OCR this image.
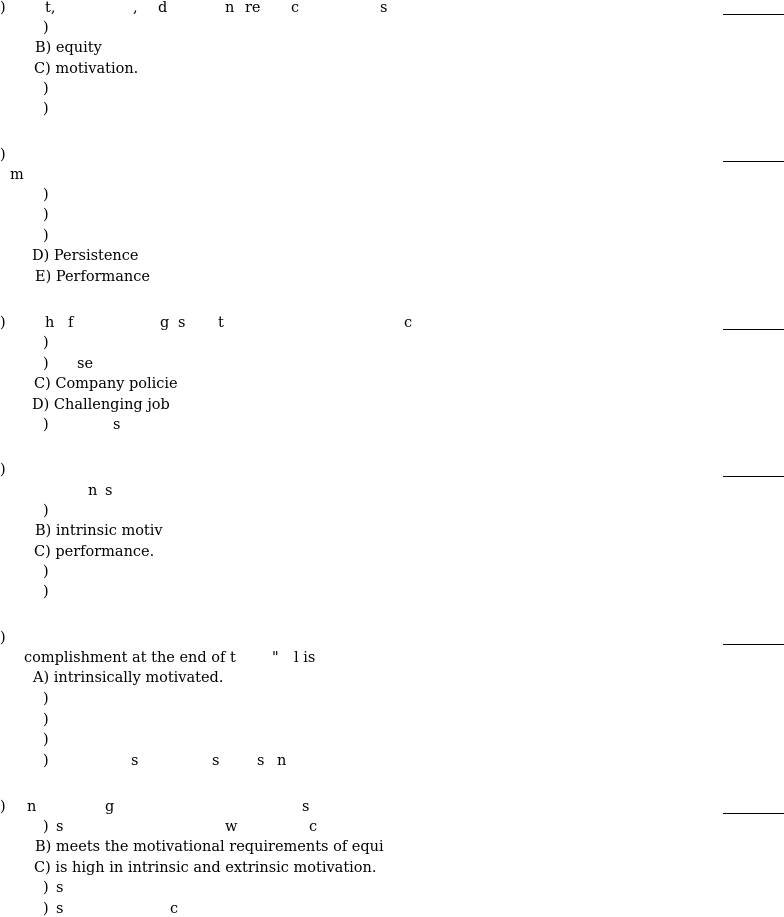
)	t,	, d	n re c	s
)
B) equity
C) motivation.
)
)
)
m
)
)
)
D) Persistence
E) Performance
)	h f	g s t	c
)
) se
C) Company policie
D) Challenging job
)	s
)
n s
)
B) intrinsic motiv
C) performance.
)
)
)
complishment at the end of t " l is
A) intrinsically motivated.
)
)
)
)	s	s	s n
) n	g	s
) s	w	c
B) meets the motivational requirements of equi
C) is high in intrinsic and extrinsic motivation.
) s
) s	c
